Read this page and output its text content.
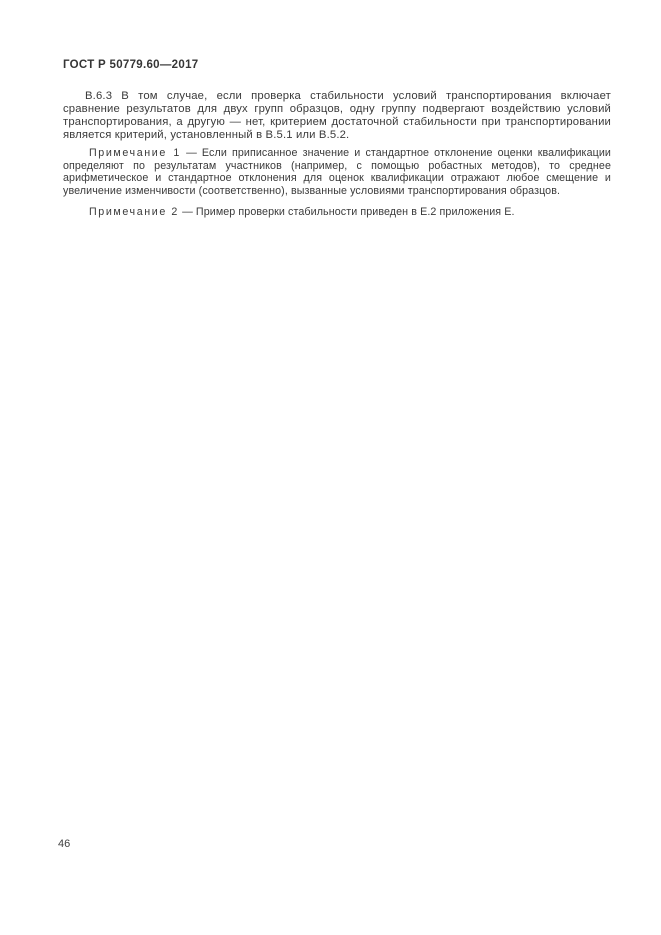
ГОСТ Р 50779.60—2017

В.6.3 В том случае, если проверка стабильности условий транспортирования включает сравнение результатов для двух групп образцов, одну группу подвергают воздействию условий транспортирования, а другую — нет, критерием достаточной стабильности при транспортировании является критерий, установленный в В.5.1 или В.5.2.

Примечание 1 — Если приписанное значение и стандартное отклонение оценки квалификации определяют по результатам участников (например, с помощью робастных методов), то среднее арифметическое и стандартное отклонения для оценок квалификации отражают любое смещение и увеличение изменчивости (соответственно), вызванные условиями транспортирования образцов.

Примечание 2 — Пример проверки стабильности приведен в Е.2 приложения Е.

46
